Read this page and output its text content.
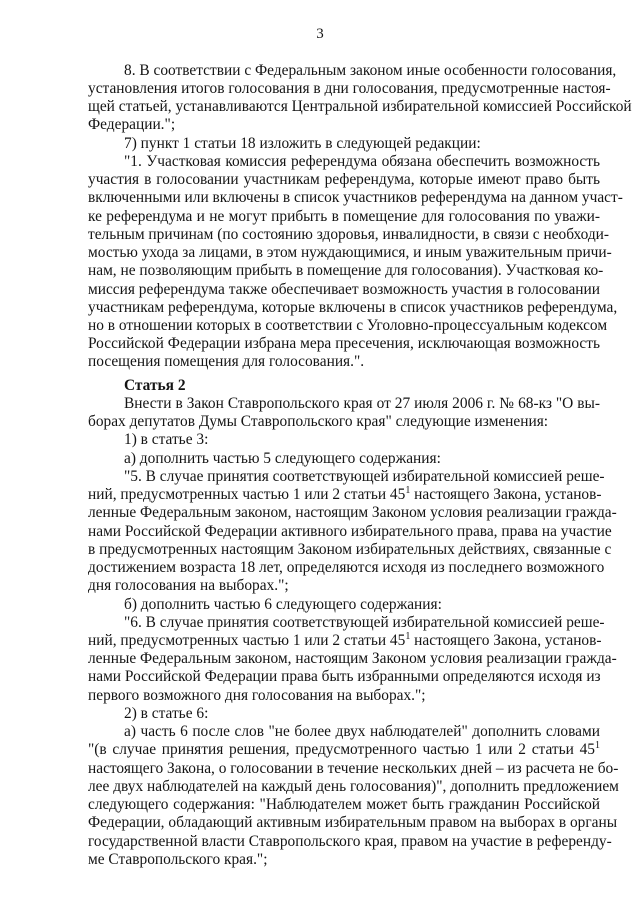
3
8. В соответствии с Федеральным законом иные особенности голосования,
установления итогов голосования в дни голосования, предусмотренные настоя-
щей статьей, устанавливаются Центральной избирательной комиссией Российской
Федерации.";
7) пункт 1 статьи 18 изложить в следующей редакции:
"1. Участковая комиссия референдума обязана обеспечить возможность
участия в голосовании участникам референдума, которые имеют право быть
включенными или включены в список участников референдума на данном участ-
ке референдума и не могут прибыть в помещение для голосования по уважи-
тельным причинам (по состоянию здоровья, инвалидности, в связи с необходи-
мостью ухода за лицами, в этом нуждающимися, и иным уважительным причи-
нам, не позволяющим прибыть в помещение для голосования). Участковая ко-
миссия референдума также обеспечивает возможность участия в голосовании
участникам референдума, которые включены в список участников референдума,
но в отношении которых в соответствии с Уголовно-процессуальным кодексом
Российской Федерации избрана мера пресечения, исключающая возможность
посещения помещения для голосования.".
Статья 2
Внести в Закон Ставропольского края от 27 июля 2006 г. № 68-кз "О вы-
борах депутатов Думы Ставропольского края" следующие изменения:
1) в статье 3:
а) дополнить частью 5 следующего содержания:
"5. В случае принятия соответствующей избирательной комиссией реше-
ний, предусмотренных частью 1 или 2 статьи $45^1$ настоящего Закона, установ-
ленные Федеральным законом, настоящим Законом условия реализации гражда-
нами Российской Федерации активного избирательного права, права на участие
в предусмотренных настоящим Законом избирательных действиях, связанные с
достижением возраста 18 лет, определяются исходя из последнего возможного
дня голосования на выборах.";
б) дополнить частью 6 следующего содержания:
"6. В случае принятия соответствующей избирательной комиссией реше-
ний, предусмотренных частью 1 или 2 статьи $45^1$ настоящего Закона, установ-
ленные Федеральным законом, настоящим Законом условия реализации гражда-
нами Российской Федерации права быть избранными определяются исходя из
первого возможного дня голосования на выборах.";
2) в статье 6:
а) часть 6 после слов "не более двух наблюдателей" дополнить словами
"(в случае принятия решения, предусмотренного частью 1 или 2 статьи $45^1$
настоящего Закона, о голосовании в течение нескольких дней – из расчета не бо-
лее двух наблюдателей на каждый день голосования)", дополнить предложением
следующего содержания: "Наблюдателем может быть гражданин Российской
Федерации, обладающий активным избирательным правом на выборах в органы
государственной власти Ставропольского края, правом на участие в референду-
ме Ставропольского края.";
